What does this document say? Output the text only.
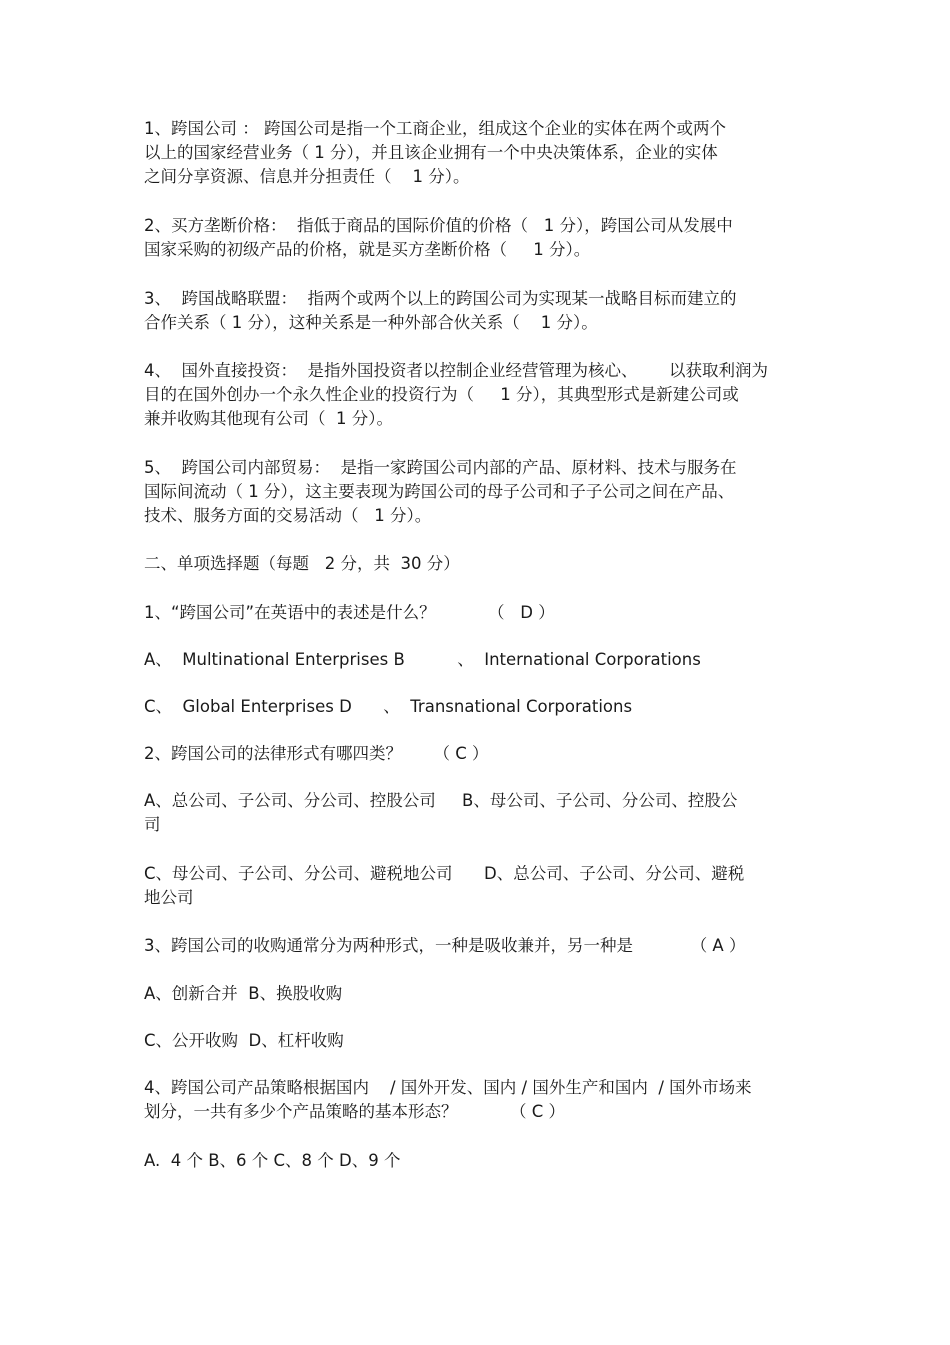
1、跨国公司 ： 跨国公司是指一个工商企业，组成这个企业的实体在两个或两个
以上的国家经营业务（ 1 分），并且该企业拥有一个中央决策体系，企业的实体
之间分享资源、信息并分担责任（    1 分）。
2、买方垄断价格：  指低于商品的国际价值的价格（   1 分），跨国公司从发展中
国家采购的初级产品的价格，就是买方垄断价格（     1 分）。
3、  跨国战略联盟：  指两个或两个以上的跨国公司为实现某一战略目标而建立的
合作关系（ 1 分），这种关系是一种外部合伙关系（    1 分）。
4、  国外直接投资：  是指外国投资者以控制企业经营管理为核心、      以获取利润为
目的在国外创办一个永久性企业的投资行为（     1 分），其典型形式是新建公司或
兼并收购其他现有公司（  1 分）。
5、  跨国公司内部贸易：  是指一家跨国公司内部的产品、原材料、技术与服务在
国际间流动（ 1 分），这主要表现为跨国公司的母子公司和子子公司之间在产品、
技术、服务方面的交易活动（   1 分）。
二、单项选择题（每题   2 分，共  30 分）
1、“跨国公司”在英语中的表述是什么？          （   D ）
A、  Multinational Enterprises B          、  International Corporations
C、  Global Enterprises D      、  Transnational Corporations
2、跨国公司的法律形式有哪四类？      （ C ）
A、总公司、子公司、分公司、控股公司     B、母公司、子公司、分公司、控股公
司
C、母公司、子公司、分公司、避税地公司      D、总公司、子公司、分公司、避税
地公司
3、跨国公司的收购通常分为两种形式，一种是吸收兼并，另一种是           （ A ）
A、创新合并  B、换股收购
C、公开收购  D、杠杆收购
4、跨国公司产品策略根据国内    / 国外开发、国内 / 国外生产和国内  / 国外市场来
划分，一共有多少个产品策略的基本形态？          （ C ）
A.  4 个 B、6 个 C、8 个 D、9 个
